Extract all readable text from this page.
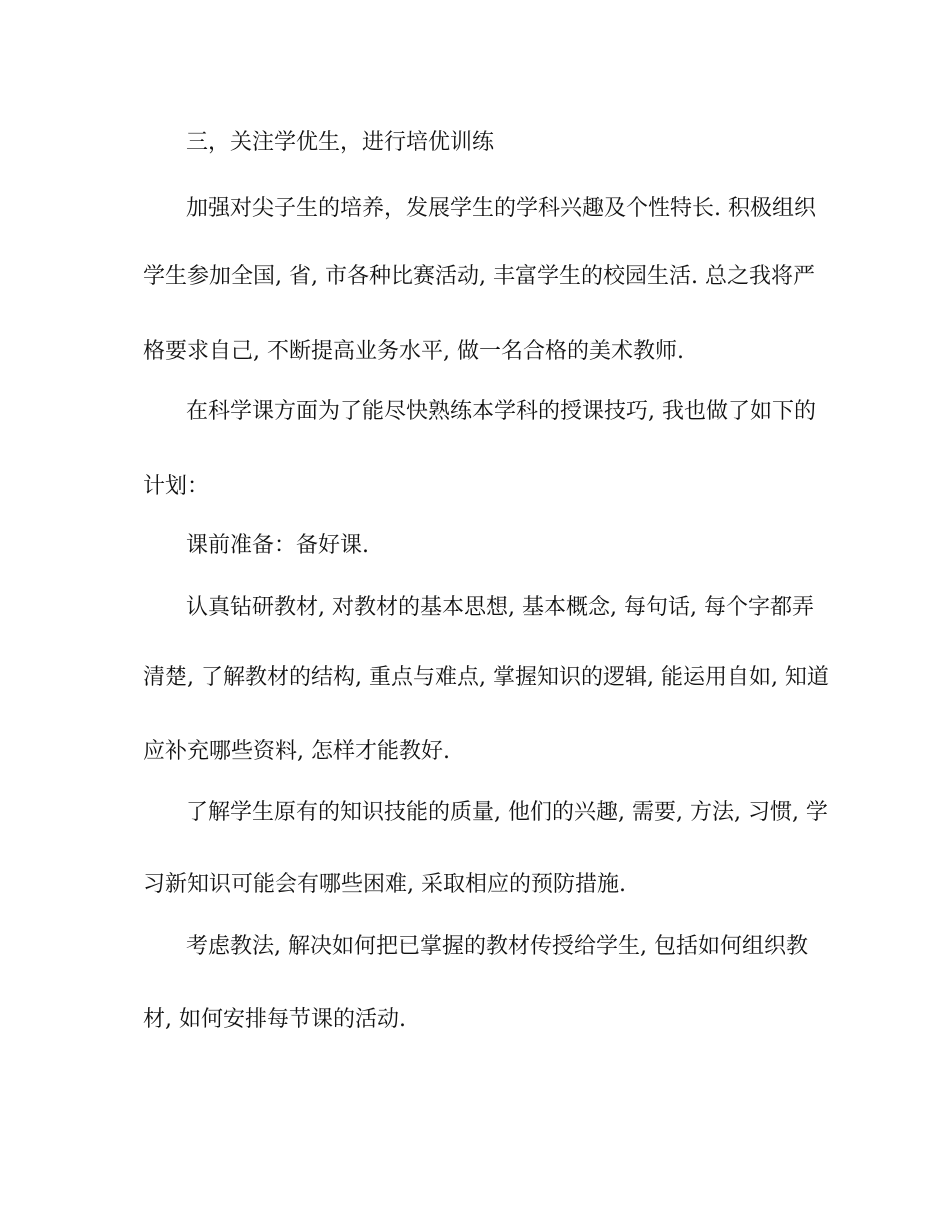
三，关注学优生，进行培优训练
加强对尖子生的培养，发展学生的学科兴趣及个性特长. 积极组织
学生参加全国, 省, 市各种比赛活动, 丰富学生的校园生活. 总之我将严
格要求自己, 不断提高业务水平, 做一名合格的美术教师.
在科学课方面为了能尽快熟练本学科的授课技巧, 我也做了如下的
计划：
课前准备：备好课.
认真钻研教材, 对教材的基本思想, 基本概念, 每句话, 每个字都弄
清楚, 了解教材的结构, 重点与难点, 掌握知识的逻辑, 能运用自如, 知道
应补充哪些资料, 怎样才能教好.
了解学生原有的知识技能的质量, 他们的兴趣, 需要, 方法, 习惯, 学
习新知识可能会有哪些困难, 采取相应的预防措施.
考虑教法, 解决如何把已掌握的教材传授给学生, 包括如何组织教
材, 如何安排每节课的活动.
